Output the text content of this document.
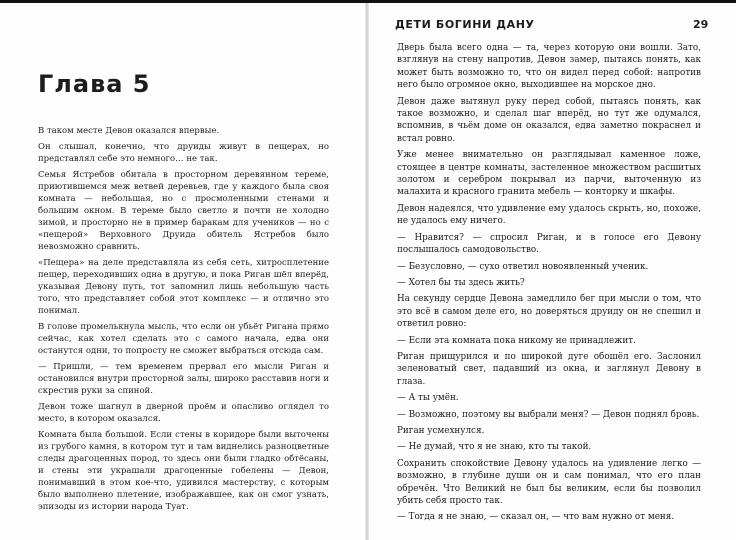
ДЕТИ БОГИНИ ДАНУ	29
Глава 5

В таком месте Девон оказался впервые.

Он слышал, конечно, что друиды живут в пещерах, но представлял себе это немного… не так.

Семья Ястребов обитала в просторном деревянном тереме, приютившемся меж ветвей деревьев, где у каждого была своя комната — небольшая, но с просмоленными стенами и большим окном. В тереме было светло и почти не холодно зимой, и просторно не в пример баракам для учеников — но с «пещерой» Верховного Друида обитель Ястребов было невозможно сравнить.

«Пещера» на деле представляла из себя сеть, хитросплетение пещер, переходивших одна в другую, и пока Риган шёл вперёд, указывая Девону путь, тот запомнил лишь небольшую часть того, что представляет собой этот комплекс — и отлично это понимал.

В голове промелькнула мысль, что если он убьёт Ригана прямо сейчас, как хотел сделать это с самого начала, едва они останутся одни, то попросту не сможет выбраться отсюда сам.

— Пришли, — тем временем прервал его мысли Риган и остановился внутри просторной залы, широко расставив ноги и скрестив руки за спиной.

Девон тоже шагнул в дверной проём и опасливо оглядел то место, в котором оказался.

Комната была большой. Если стены в коридоре были выточены из грубого камня, в котором тут и там виднелись разноцветные следы драгоценных пород, то здесь они были гладко обтёсаны, и стены эти украшали драгоценные гобелены — Девон, понимавший в этом кое-что, удивился мастерству, с которым было выполнено плетение, изображавшее, как он смог узнать, эпизоды из истории народа Туат.

Дверь была всего одна — та, через которую они вошли. Зато, взглянув на стену напротив, Девон замер, пытаясь понять, как может быть возможно то, что он видел перед собой: напротив него было огромное окно, выходившее на морское дно.

Девон даже вытянул руку перед собой, пытаясь понять, как такое возможно, и сделал шаг вперёд, но тут же одумался, вспомнив, в чьём доме он оказался, едва заметно покраснел и встал ровно.

Уже менее внимательно он разглядывал каменное ложе, стоящее в центре комнаты, застеленное множеством расшитых золотом и серебром покрывал из парчи, выточенную из малахита и красного гранита мебель — конторку и шкафы.

Девон надеялся, что удивление ему удалось скрыть, но, похоже, не удалось ему ничего.

— Нравится? — спросил Риган, и в голосе его Девону послышалось самодовольство.

— Безусловно, — сухо ответил новоявленный ученик.

— Хотел бы ты здесь жить?

На секунду сердце Девона замедлило бег при мысли о том, что это всё в самом деле его, но доверяться друиду он не спешил и ответил ровно:

— Если эта комната пока никому не принадлежит.

Риган прищурился и по широкой дуге обошёл его. Заслонил зеленоватый свет, падавший из окна, и заглянул Девону в глаза.

— А ты умён.

— Возможно, поэтому вы выбрали меня? — Девон поднял бровь.

Риган усмехнулся.

— Не думай, что я не знаю, кто ты такой.

Сохранить спокойствие Девону удалось на удивление легко — возможно, в глубине души он и сам понимал, что его план обречён. Что Великий не был бы великим, если бы позволил убить себя просто так.

— Тогда я не знаю, — сказал он, — что вам нужно от меня.
